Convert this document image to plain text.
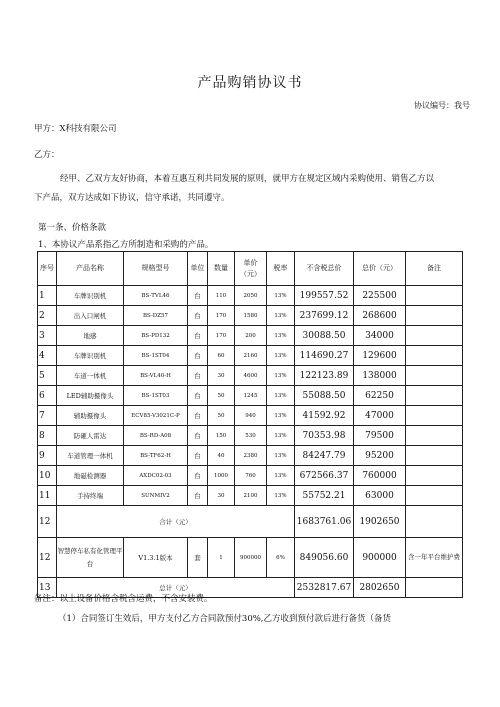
产品购销协议书
协议编号：我号
甲方：X科技有限公司
乙方：
经甲、乙双方友好协商，本着互惠互利共同发展的原则，就甲方在规定区域内采购使用、销售乙方以
下产品，双方达成如下协议，信守承诺，共同遵守。
第一条、价格条款
1、本协议产品系指乙方所制造和采购的产品。
序号	产品名称	规格型号	单位	数量	单价（元）	税率	不含税总价	总价（元）	备注
1	车牌识别机	BS-TVL46	台	110	2050	13%	199557.52	225500	
2	出入口闸机	BS-DZ57	台	170	1580	13%	237699.12	268600	
3	地感	BS-PD132	台	170	200	13%	30088.50	34000	
4	车牌识别机	BS-1ST04	台	60	2160	13%	114690.27	129600	
5	车道一体机	BS-VL40-H	台	30	4600	13%	122123.89	138000	
6	LED辅助摄像头	BS-1ST03	台	50	1245	13%	55088.50	62250	
7	辅助摄像头	ECV85-V3021C-P	台	50	940	13%	41592.92	47000	
8	防砸人雷达	BS-RD-A08	台	150	530	13%	70353.98	79500	
9	车道管理一体机	BS-TF62-H	台	40	2380	13%	84247.79	95200	
10	地磁检测器	AXDC02-03	台	1000	760	13%	672566.37	760000	
11	手持终端	SUNMIV2	台	30	2100	13%	55752.21	63000	
12	合计（元）						1683761.06	1902650	
12	智慧停车私有化管理平台	V1.3.1版本	套	1	900000	6%	849056.60	900000	含一年平台维护费
13	总计（元）						2532817.67	2802650	
备注：以上设备价格含税含运费，不含安装费。
（1）合同签订生效后，甲方支付乙方合同款预付30%,乙方收到预付款后进行备货（备货
